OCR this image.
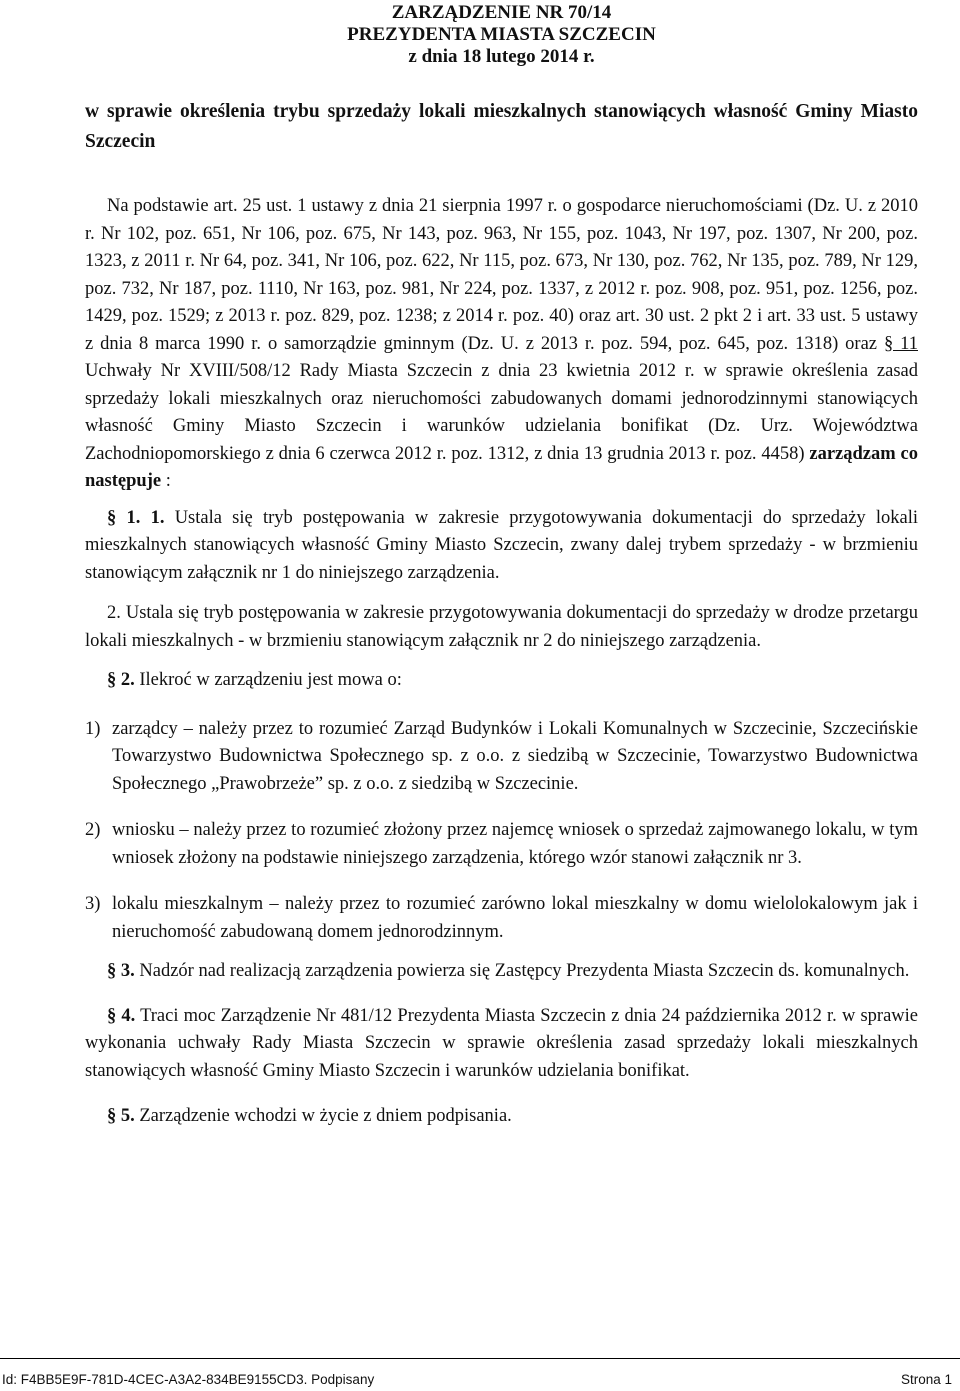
ZARZĄDZENIE NR 70/14
PREZYDENTA MIASTA SZCZECIN
z dnia 18 lutego 2014 r.
w sprawie określenia trybu sprzedaży lokali mieszkalnych stanowiących własność Gminy Miasto Szczecin

Na podstawie art. 25 ust. 1 ustawy z dnia 21 sierpnia 1997 r. o gospodarce nieruchomościami (Dz. U. z 2010 r. Nr 102, poz. 651, Nr 106, poz. 675, Nr 143, poz. 963, Nr 155, poz. 1043, Nr 197, poz. 1307, Nr 200, poz. 1323, z 2011 r. Nr 64, poz. 341, Nr 106, poz. 622, Nr 115, poz. 673, Nr 130, poz. 762, Nr 135, poz. 789, Nr 129, poz. 732, Nr 187, poz. 1110, Nr 163, poz. 981, Nr 224, poz. 1337, z 2012 r. poz. 908, poz. 951, poz. 1256, poz. 1429, poz. 1529; z 2013 r. poz. 829, poz. 1238; z 2014 r. poz. 40) oraz art. 30 ust. 2 pkt 2 i art. 33 ust. 5 ustawy z dnia 8 marca 1990 r. o samorządzie gminnym (Dz. U. z 2013 r. poz. 594, poz. 645, poz. 1318) oraz § 11 Uchwały Nr XVIII/508/12 Rady Miasta Szczecin z dnia 23 kwietnia 2012 r. w sprawie określenia zasad sprzedaży lokali mieszkalnych oraz nieruchomości zabudowanych domami jednorodzinnymi stanowiących własność Gminy Miasto Szczecin i warunków udzielania bonifikat (Dz. Urz. Województwa Zachodniopomorskiego z dnia 6 czerwca 2012 r. poz. 1312, z dnia 13 grudnia 2013 r. poz. 4458) zarządzam co następuje :

§ 1. 1. Ustala się tryb postępowania w zakresie przygotowywania dokumentacji do sprzedaży lokali mieszkalnych stanowiących własność Gminy Miasto Szczecin, zwany dalej trybem sprzedaży - w brzmieniu stanowiącym załącznik nr 1 do niniejszego zarządzenia.

2. Ustala się tryb postępowania w zakresie przygotowywania dokumentacji do sprzedaży w drodze przetargu lokali mieszkalnych - w brzmieniu stanowiącym załącznik nr 2 do niniejszego zarządzenia.

§ 2. Ilekroć w zarządzeniu jest mowa o:

1) zarządcy – należy przez to rozumieć Zarząd Budynków i Lokali Komunalnych w Szczecinie, Szczecińskie Towarzystwo Budownictwa Społecznego sp. z o.o. z siedzibą w Szczecinie, Towarzystwo Budownictwa Społecznego „Prawobrzeże” sp. z o.o. z siedzibą w Szczecinie.
2) wniosku – należy przez to rozumieć złożony przez najemcę wniosek o sprzedaż zajmowanego lokalu, w tym wniosek złożony na podstawie niniejszego zarządzenia, którego wzór stanowi załącznik nr 3.
3) lokalu mieszkalnym – należy przez to rozumieć zarówno lokal mieszkalny w domu wielolokalowym jak i nieruchomość zabudowaną domem jednorodzinnym.

§ 3. Nadzór nad realizacją zarządzenia powierza się Zastępcy Prezydenta Miasta Szczecin ds. komunalnych.

§ 4. Traci moc Zarządzenie Nr 481/12 Prezydenta Miasta Szczecin z dnia 24 października 2012 r. w sprawie wykonania uchwały Rady Miasta Szczecin w sprawie określenia zasad sprzedaży lokali mieszkalnych stanowiących własność Gminy Miasto Szczecin i warunków udzielania bonifikat.

§ 5. Zarządzenie wchodzi w życie z dniem podpisania.

Id: F4BB5E9F-781D-4CEC-A3A2-834BE9155CD3. Podpisany	Strona 1
